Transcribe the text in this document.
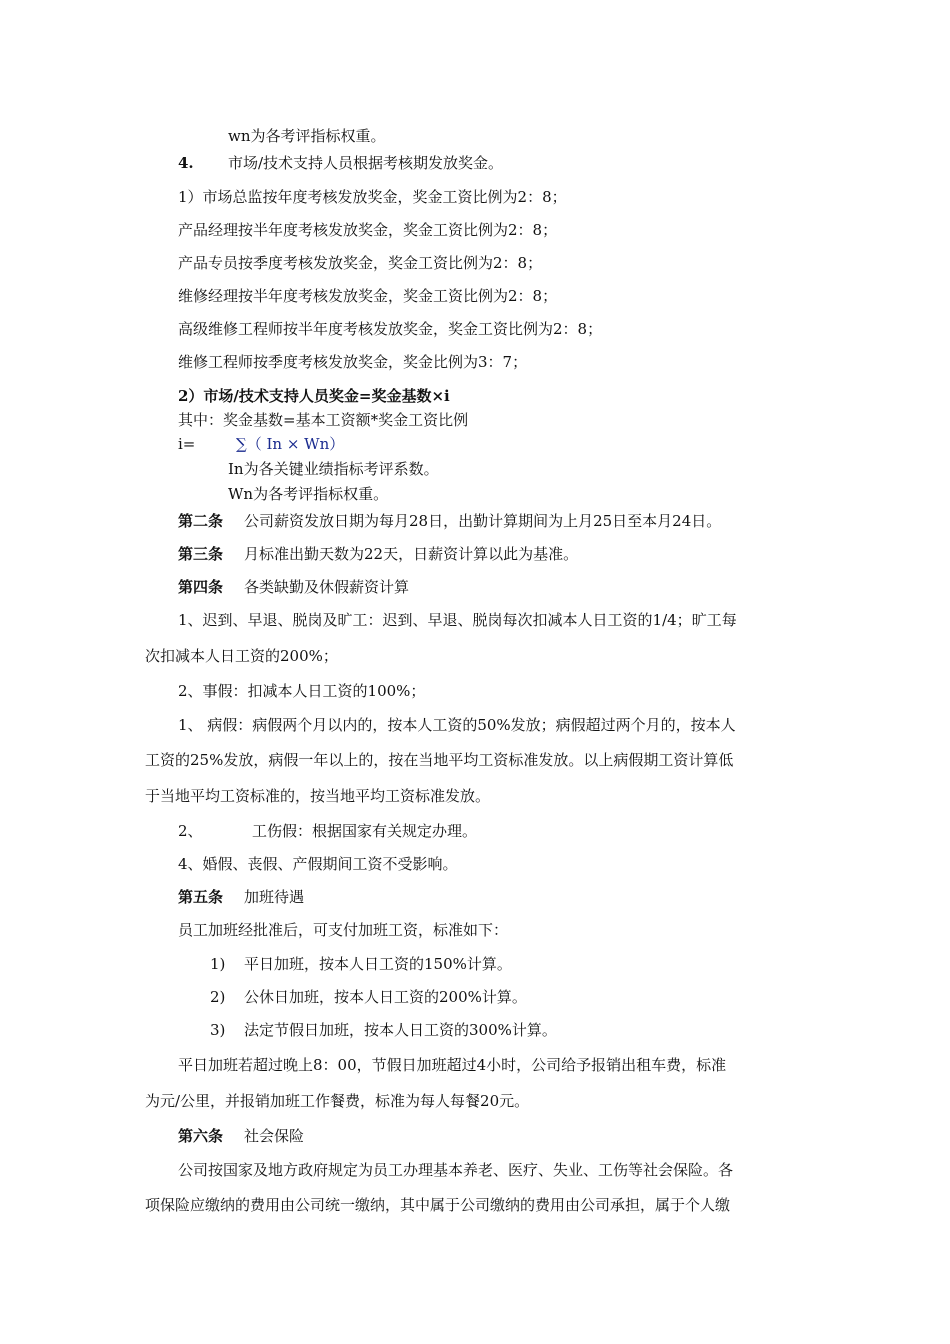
wn为各考评指标权重。
4. 市场/技术支持人员根据考核期发放奖金。
1）市场总监按年度考核发放奖金，奖金工资比例为2：8；
产品经理按半年度考核发放奖金，奖金工资比例为2：8；
产品专员按季度考核发放奖金，奖金工资比例为2：8；
维修经理按半年度考核发放奖金，奖金工资比例为2：8；
高级维修工程师按半年度考核发放奖金，奖金工资比例为2：8；
维修工程师按季度考核发放奖金，奖金比例为3：7；
2）市场/技术支持人员奖金=奖金基数×i
其中：奖金基数=基本工资额*奖金工资比例
i=	∑（ In × Wn）
In为各关键业绩指标考评系数。
Wn为各考评指标权重。
第二条 公司薪资发放日期为每月28日，出勤计算期间为上月25日至本月24日。
第三条 月标准出勤天数为22天，日薪资计算以此为基准。
第四条 各类缺勤及休假薪资计算
1、迟到、早退、脱岗及旷工：迟到、早退、脱岗每次扣减本人日工资的1/4；旷工每
次扣减本人日工资的200%；
2、事假：扣减本人日工资的100%；
1、 病假：病假两个月以内的，按本人工资的50%发放；病假超过两个月的，按本人
工资的25%发放，病假一年以上的，按在当地平均工资标准发放。以上病假期工资计算低
于当地平均工资标准的，按当地平均工资标准发放。
2、	工伤假：根据国家有关规定办理。
4、婚假、丧假、产假期间工资不受影响。
第五条 加班待遇
员工加班经批准后，可支付加班工资，标准如下：
1) 平日加班，按本人日工资的150%计算。
2) 公休日加班，按本人日工资的200%计算。
3) 法定节假日加班，按本人日工资的300%计算。
平日加班若超过晚上8：00，节假日加班超过4小时，公司给予报销出租车费，标准
为元/公里，并报销加班工作餐费，标准为每人每餐20元。
第六条 社会保险
公司按国家及地方政府规定为员工办理基本养老、医疗、失业、工伤等社会保险。各
项保险应缴纳的费用由公司统一缴纳，其中属于公司缴纳的费用由公司承担，属于个人缴
